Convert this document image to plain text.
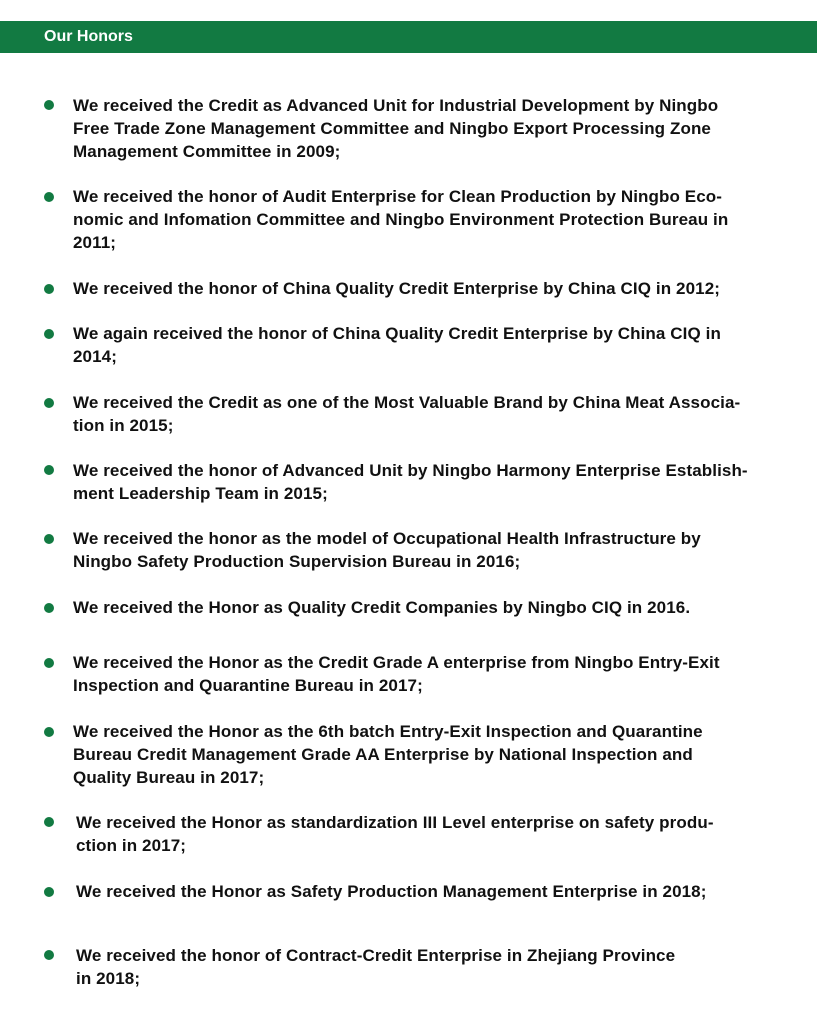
Our Honors
We received the Credit as Advanced Unit for Industrial Development by Ningbo
Free Trade Zone Management Committee and Ningbo Export Processing Zone
Management Committee in 2009;
We received the honor of Audit Enterprise for Clean Production by Ningbo Eco-
nomic and Infomation Committee and Ningbo Environment Protection Bureau in
2011;
We received the honor of China Quality Credit Enterprise by China CIQ in 2012;
We again received the honor of China Quality Credit Enterprise by China CIQ in
2014;
We received the Credit as one of the Most Valuable Brand by China Meat Associa-
tion in 2015;
We received the honor of Advanced Unit by Ningbo Harmony Enterprise Establish-
ment Leadership Team in 2015;
We received the honor as the model of Occupational Health Infrastructure by
Ningbo Safety Production Supervision Bureau in 2016;
We received the Honor as Quality Credit Companies by Ningbo CIQ in 2016.
We received the Honor as the Credit Grade A enterprise from Ningbo Entry-Exit
Inspection and Quarantine Bureau in 2017;
We received the Honor as the 6th batch Entry-Exit Inspection and Quarantine
Bureau Credit Management Grade AA Enterprise by National Inspection and
Quality Bureau in 2017;
We received the Honor as standardization III Level enterprise on safety produ-
ction in 2017;
We received the Honor as Safety Production Management Enterprise in 2018;
We received the honor of Contract-Credit Enterprise in Zhejiang Province
in 2018;
